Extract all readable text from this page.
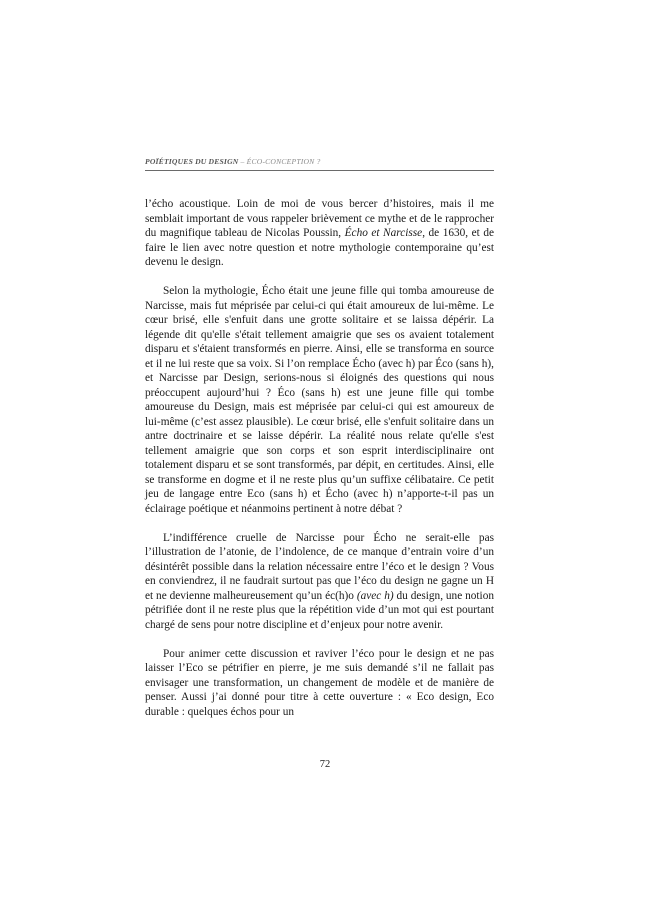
POÏÉTIQUES DU DESIGN – ÉCO-CONCEPTION ?

l’écho acoustique. Loin de moi de vous bercer d’histoires, mais il me semblait important de vous rappeler brièvement ce mythe et de le rapprocher du magnifique tableau de Nicolas Poussin, Écho et Narcisse, de 1630, et de faire le lien avec notre question et notre mythologie contemporaine qu’est devenu le design.

Selon la mythologie, Écho était une jeune fille qui tomba amoureuse de Narcisse, mais fut méprisée par celui-ci qui était amoureux de lui-même. Le cœur brisé, elle s'enfuit dans une grotte solitaire et se laissa dépérir. La légende dit qu'elle s'était tellement amaigrie que ses os avaient totalement disparu et s'étaient transformés en pierre. Ainsi, elle se transforma en source et il ne lui reste que sa voix. Si l’on remplace Écho (avec h) par Éco (sans h), et Narcisse par Design, serions-nous si éloignés des questions qui nous préoccupent aujourd’hui ? Éco (sans h) est une jeune fille qui tombe amoureuse du Design, mais est méprisée par celui-ci qui est amoureux de lui-même (c’est assez plausible). Le cœur brisé, elle s'enfuit solitaire dans un antre doctrinaire et se laisse dépérir. La réalité nous relate qu'elle s'est tellement amaigrie que son corps et son esprit interdisciplinaire ont totalement disparu et se sont transformés, par dépit, en certitudes. Ainsi, elle se transforme en dogme et il ne reste plus qu’un suffixe célibataire. Ce petit jeu de langage entre Eco (sans h) et Écho (avec h) n’apporte-t-il pas un éclairage poétique et néanmoins pertinent à notre débat ?

L’indifférence cruelle de Narcisse pour Écho ne serait-elle pas l’illustration de l’atonie, de l’indolence, de ce manque d’entrain voire d’un désintérêt possible dans la relation nécessaire entre l’éco et le design ? Vous en conviendrez, il ne faudrait surtout pas que l’éco du design ne gagne un H et ne devienne malheureusement qu’un éc(h)o (avec h) du design, une notion pétrifiée dont il ne reste plus que la répétition vide d’un mot qui est pourtant chargé de sens pour notre discipline et d’enjeux pour notre avenir.

Pour animer cette discussion et raviver l’éco pour le design et ne pas laisser l’Eco se pétrifier en pierre, je me suis demandé s’il ne fallait pas envisager une transformation, un changement de modèle et de manière de penser. Aussi j’ai donné pour titre à cette ouverture : « Eco design, Eco durable : quelques échos pour un

72
